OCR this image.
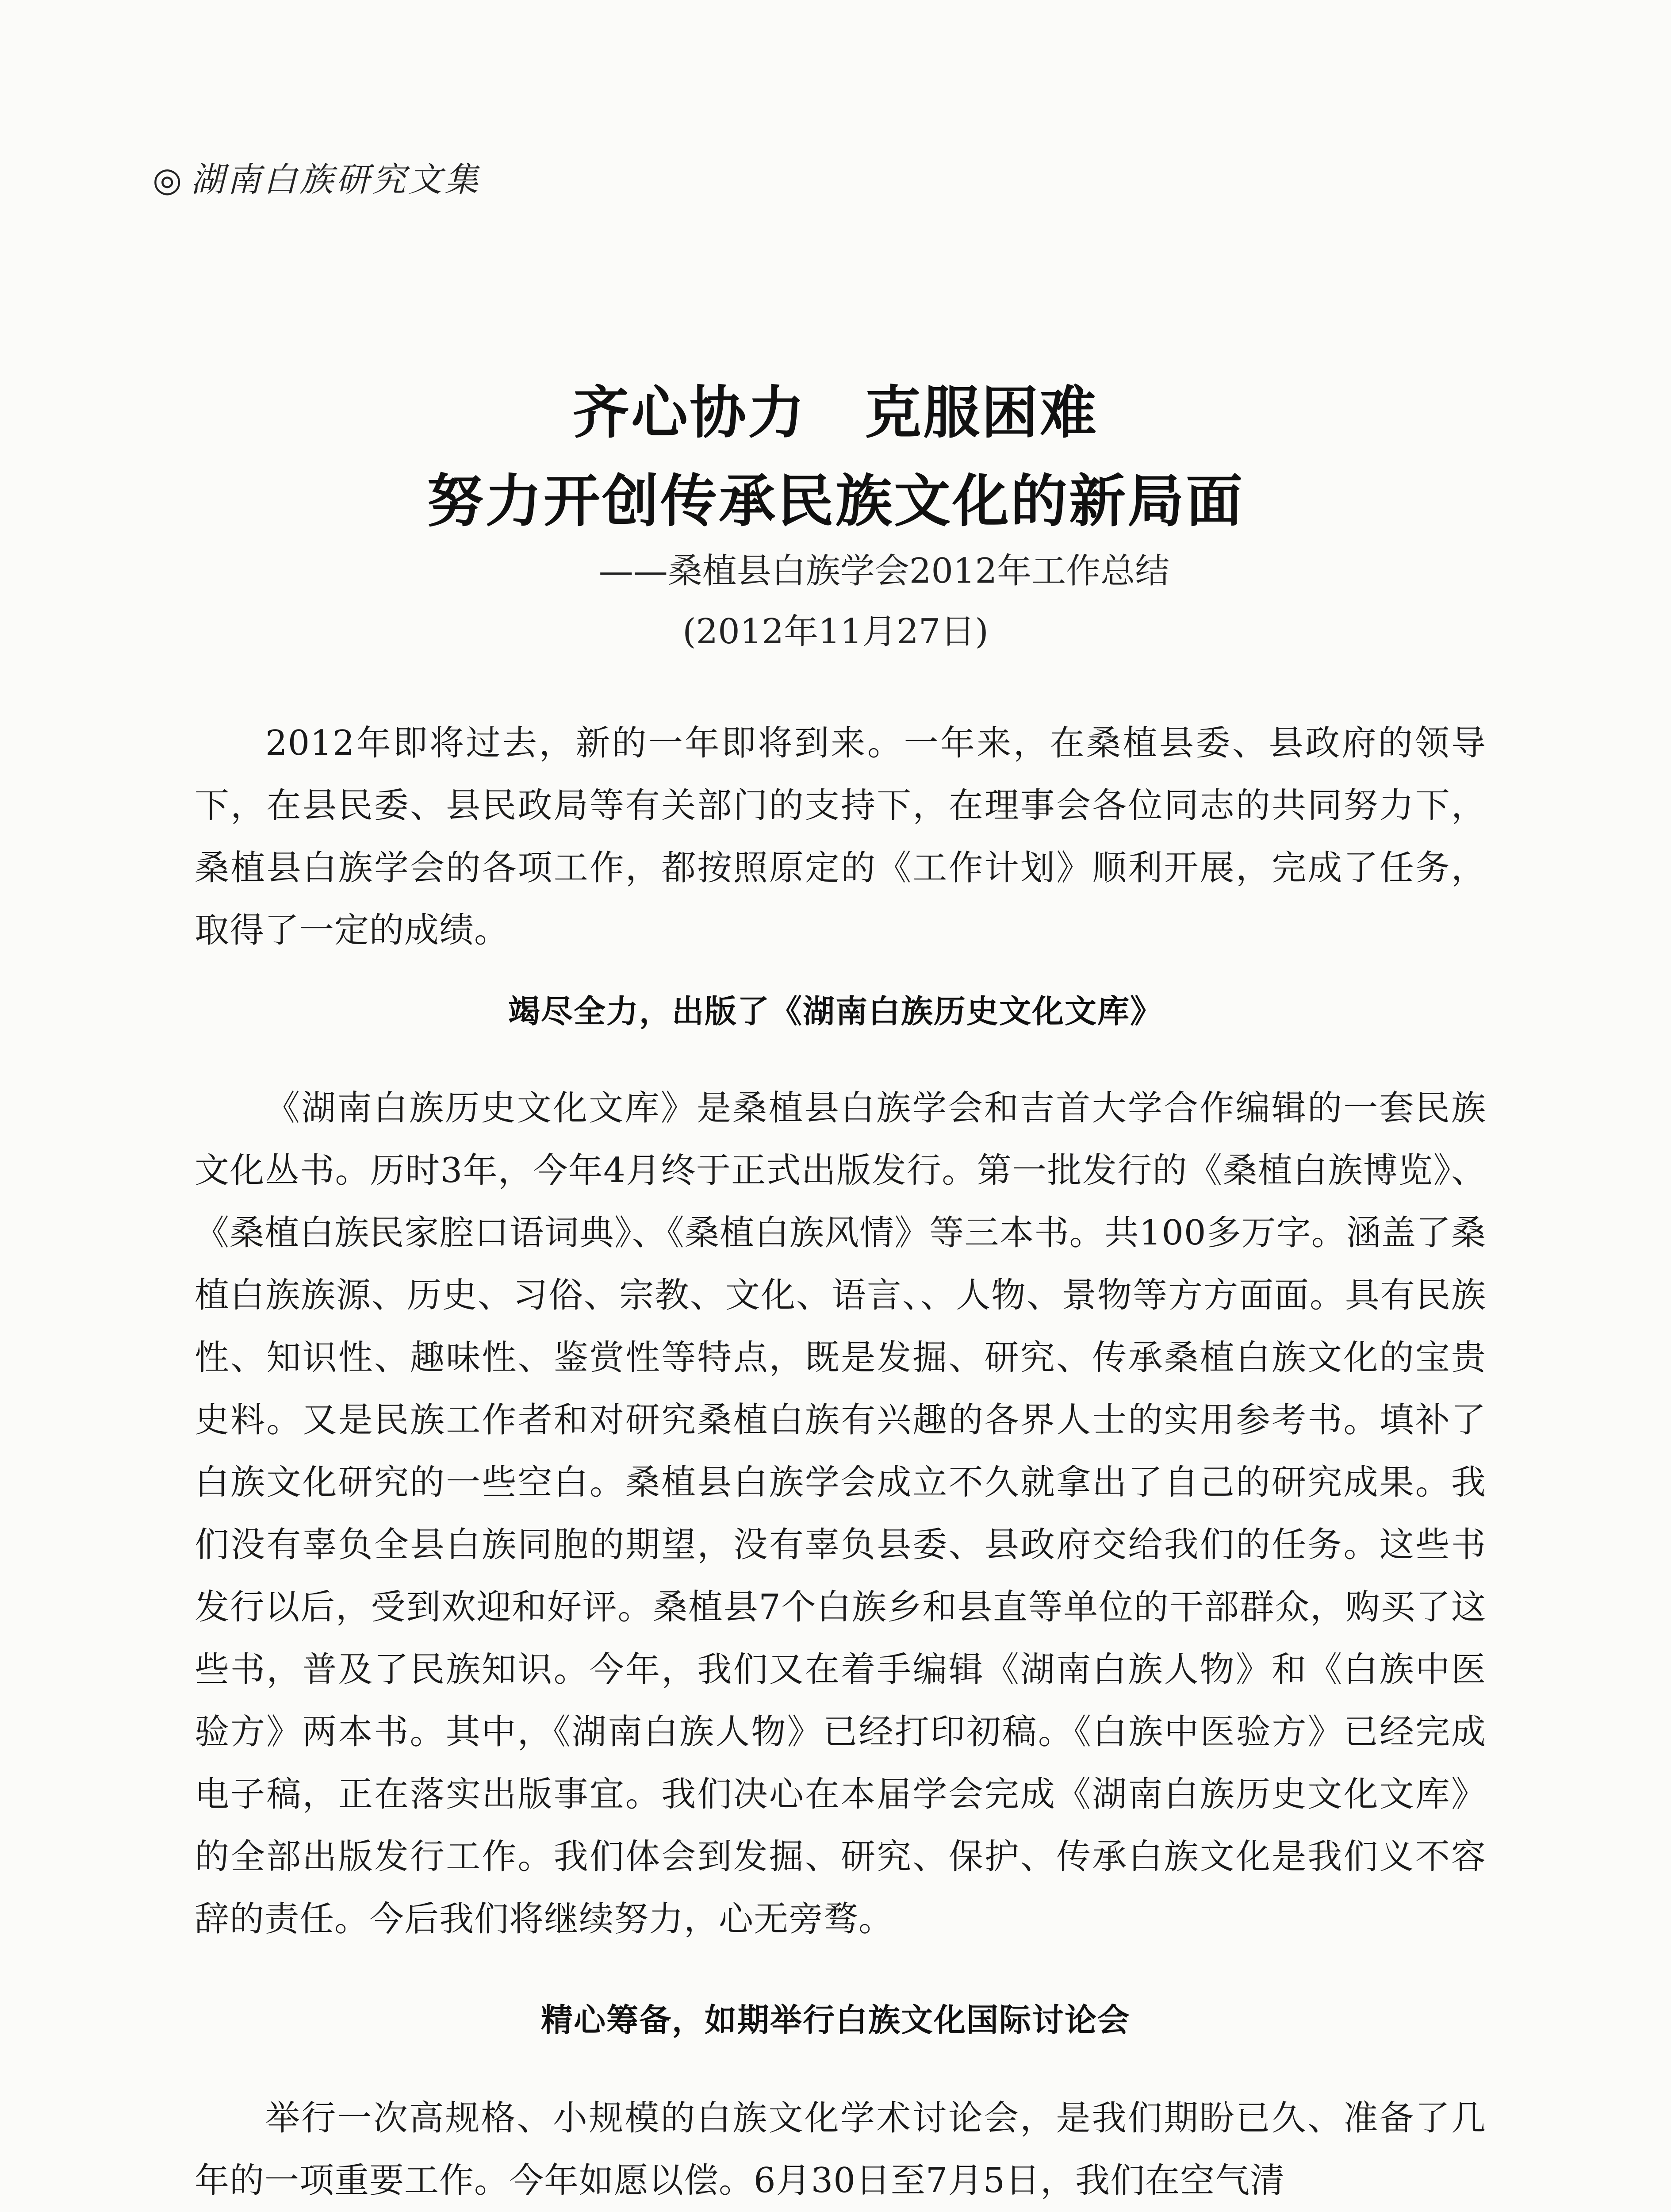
◎ 湖南白族研究文集
齐心协力　克服困难
努力开创传承民族文化的新局面
——桑植县白族学会2012年工作总结
(2012年11月27日)

2012年即将过去，新的一年即将到来。一年来，在桑植县委、县政府的领导下，在县民委、县民政局等有关部门的支持下，在理事会各位同志的共同努力下，桑植县白族学会的各项工作，都按照原定的《工作计划》顺利开展，完成了任务，取得了一定的成绩。

竭尽全力，出版了《湖南白族历史文化文库》

《湖南白族历史文化文库》是桑植县白族学会和吉首大学合作编辑的一套民族文化丛书。历时3年，今年4月终于正式出版发行。第一批发行的《桑植白族博览》、《桑植白族民家腔口语词典》、《桑植白族风情》等三本书。共100多万字。涵盖了桑植白族族源、历史、习俗、宗教、文化、语言、、人物、景物等方方面面。具有民族性、知识性、趣味性、鉴赏性等特点，既是发掘、研究、传承桑植白族文化的宝贵史料。又是民族工作者和对研究桑植白族有兴趣的各界人士的实用参考书。填补了白族文化研究的一些空白。桑植县白族学会成立不久就拿出了自己的研究成果。我们没有辜负全县白族同胞的期望，没有辜负县委、县政府交给我们的任务。这些书发行以后，受到欢迎和好评。桑植县7个白族乡和县直等单位的干部群众，购买了这些书，普及了民族知识。今年，我们又在着手编辑《湖南白族人物》和《白族中医验方》两本书。其中，《湖南白族人物》已经打印初稿。《白族中医验方》已经完成电子稿，正在落实出版事宜。我们决心在本届学会完成《湖南白族历史文化文库》的全部出版发行工作。我们体会到发掘、研究、保护、传承白族文化是我们义不容辞的责任。今后我们将继续努力，心无旁骛。

精心筹备，如期举行白族文化国际讨论会

举行一次高规格、小规模的白族文化学术讨论会，是我们期盼已久、准备了几年的一项重要工作。今年如愿以偿。6月30日至7月5日，我们在空气清
